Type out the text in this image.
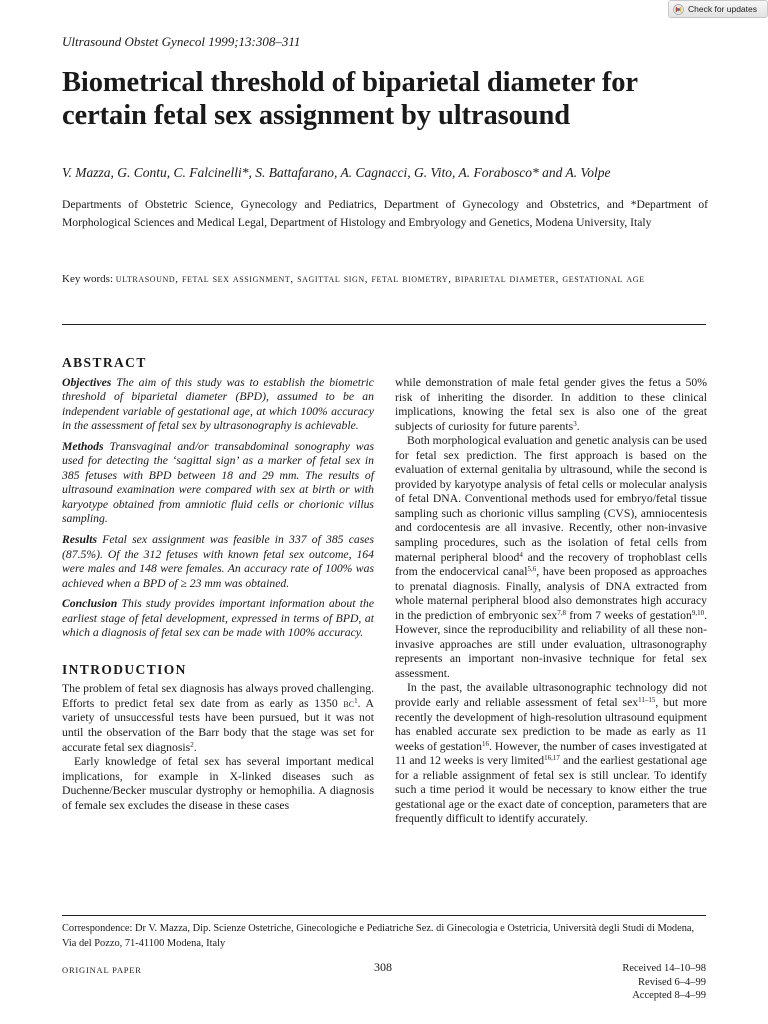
Check for updates
Ultrasound Obstet Gynecol 1999;13:308–311
Biometrical threshold of biparietal diameter for certain fetal sex assignment by ultrasound
V. Mazza, G. Contu, C. Falcinelli*, S. Battafarano, A. Cagnacci, G. Vito, A. Forabosco* and A. Volpe
Departments of Obstetric Science, Gynecology and Pediatrics, Department of Gynecology and Obstetrics, and *Department of Morphological Sciences and Medical Legal, Department of Histology and Embryology and Genetics, Modena University, Italy
Key words: ultrasound, fetal sex assignment, sagittal sign, fetal biometry, biparietal diameter, gestational age
ABSTRACT

Objectives The aim of this study was to establish the biometric threshold of biparietal diameter (BPD), assumed to be an independent variable of gestational age, at which 100% accuracy in the assessment of fetal sex by ultrasonography is achievable.

Methods Transvaginal and/or transabdominal sonography was used for detecting the ‘sagittal sign’ as a marker of fetal sex in 385 fetuses with BPD between 18 and 29 mm. The results of ultrasound examination were compared with sex at birth or with karyotype obtained from amniotic fluid cells or chorionic villus sampling.

Results Fetal sex assignment was feasible in 337 of 385 cases (87.5%). Of the 312 fetuses with known fetal sex outcome, 164 were males and 148 were females. An accuracy rate of 100% was achieved when a BPD of ≥ 23 mm was obtained.

Conclusion This study provides important information about the earliest stage of fetal development, expressed in terms of BPD, at which a diagnosis of fetal sex can be made with 100% accuracy.

INTRODUCTION

The problem of fetal sex diagnosis has always proved challenging. Efforts to predict fetal sex date from as early as 1350 $bc^1$. A variety of unsuccessful tests have been pursued, but it was not until the observation of the Barr body that the stage was set for accurate fetal sex diagnosis$^2$.

Early knowledge of fetal sex has several important medical implications, for example in X-linked diseases such as Duchenne/Becker muscular dystrophy or hemophilia. A diagnosis of female sex excludes the disease in these cases

while demonstration of male fetal gender gives the fetus a 50% risk of inheriting the disorder. In addition to these clinical implications, knowing the fetal sex is also one of the great subjects of curiosity for future parents$^3$.

Both morphological evaluation and genetic analysis can be used for fetal sex prediction. The first approach is based on the evaluation of external genitalia by ultrasound, while the second is provided by karyotype analysis of fetal cells or molecular analysis of fetal DNA. Conventional methods used for embryo/fetal tissue sampling such as chorionic villus sampling (CVS), amniocentesis and cordocentesis are all invasive. Recently, other non-invasive sampling procedures, such as the isolation of fetal cells from maternal peripheral blood$^4$ and the recovery of trophoblast cells from the endocervical canal$^{5,6}$, have been proposed as approaches to prenatal diagnosis. Finally, analysis of DNA extracted from whole maternal peripheral blood also demonstrates high accuracy in the prediction of embryonic sex$^{7,8}$ from 7 weeks of gestation$^{9,10}$. However, since the reproducibility and reliability of all these non-invasive approaches are still under evaluation, ultrasonography represents an important non-invasive technique for fetal sex assessment.

In the past, the available ultrasonographic technology did not provide early and reliable assessment of fetal sex$^{11-15}$, but more recently the development of high-resolution ultrasound equipment has enabled accurate sex prediction to be made as early as 11 weeks of gestation$^{16}$. However, the number of cases investigated at 11 and 12 weeks is very limited$^{16,17}$ and the earliest gestational age for a reliable assignment of fetal sex is still unclear. To identify such a time period it would be necessary to know either the true gestational age or the exact date of conception, parameters that are frequently difficult to identify accurately.

Correspondence: Dr V. Mazza, Dip. Scienze Ostetriche, Ginecologiche e Pediatriche Sez. di Ginecologia e Ostetricia, Università degli Studi di Modena, Via del Pozzo, 71-41100 Modena, Italy
ORIGINAL PAPER	308	Received 14–10–98
Revised 6–4–99
Accepted 8–4–99
